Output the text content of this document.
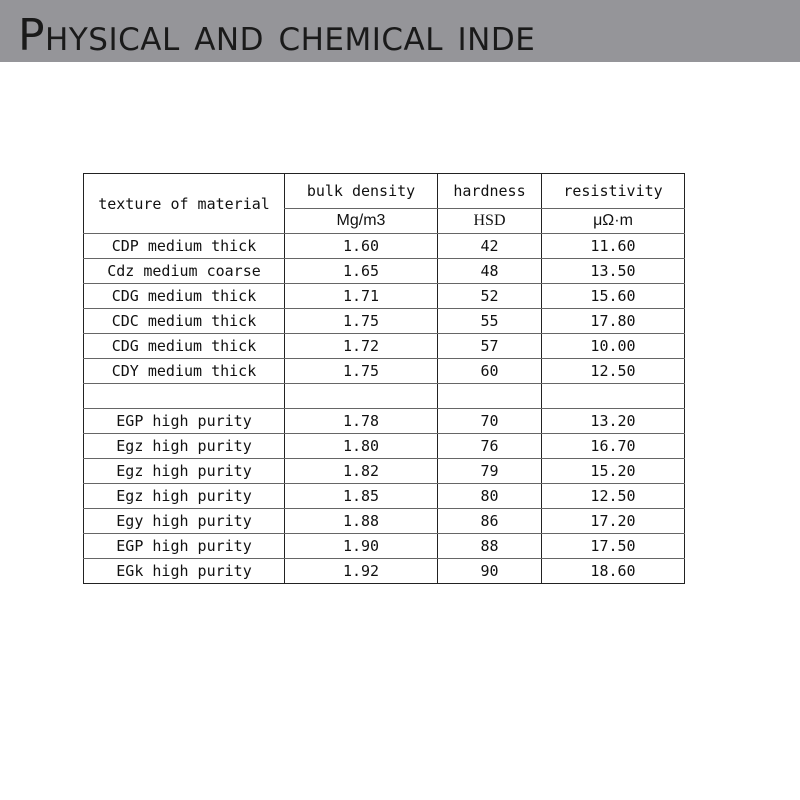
Physical and chemical inde
texture of material	bulk density	hardness	resistivity
	Mg/m3	HSD	μΩ·m
CDP medium thick	1.60	42	11.60
Cdz medium coarse	1.65	48	13.50
CDG medium thick	1.71	52	15.60
CDC medium thick	1.75	55	17.80
CDG medium thick	1.72	57	10.00
CDY medium thick	1.75	60	12.50

EGP high purity	1.78	70	13.20
Egz high purity	1.80	76	16.70
Egz high purity	1.82	79	15.20
Egz high purity	1.85	80	12.50
Egy high purity	1.88	86	17.20
EGP high purity	1.90	88	17.50
EGk high purity	1.92	90	18.60
